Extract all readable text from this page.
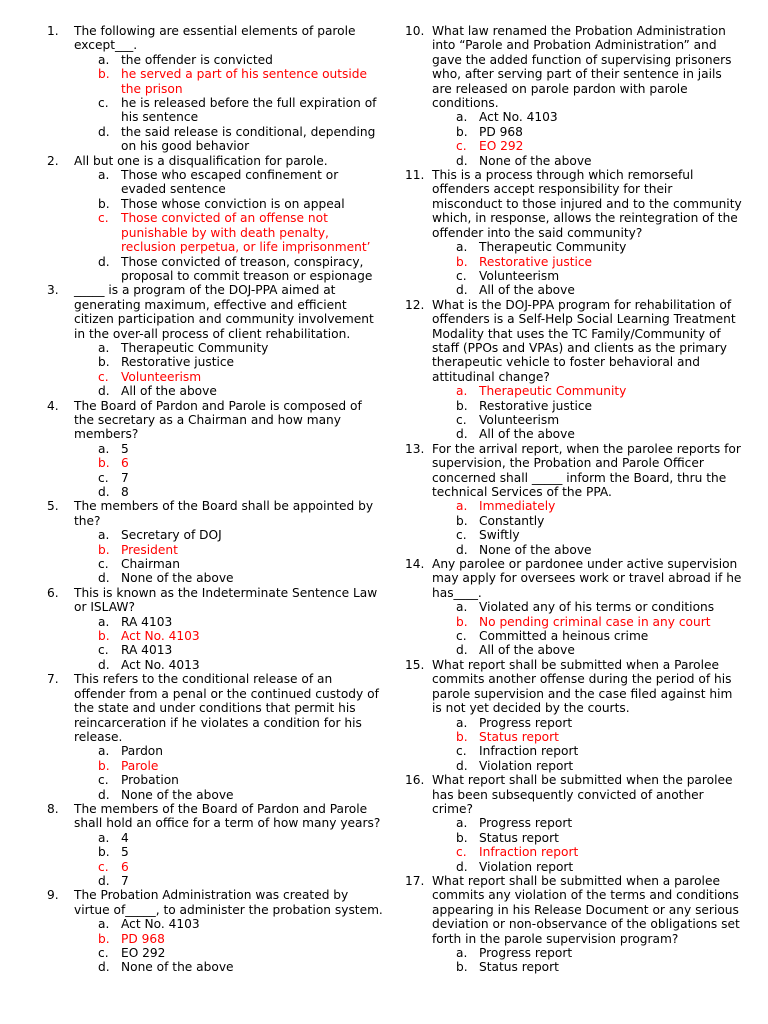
1.	The following are essential elements of parole except___.
a. the offender is convicted
b. he served a part of his sentence outside the prison
c.	he is released before the full expiration of his sentence
d. the said release is conditional, depending on his good behavior
2.	All but one is a disqualification for parole.
a. Those who escaped confinement or evaded sentence
b. Those whose conviction is on appeal
c.	Those convicted of an offense not punishable by with death penalty, reclusion perpetua, or life imprisonment’
d. Those convicted of treason, conspiracy, proposal to commit treason or espionage
3.	_____ is a program of the DOJ-PPA aimed at generating maximum, effective and efficient citizen participation and community involvement in the over-all process of client rehabilitation.
a. Therapeutic Community
b. Restorative justice
c.	Volunteerism
d. All of the above
4.	The Board of Pardon and Parole is composed of the secretary as a Chairman and how many members?
a. 5
b. 6
c.	7
d. 8
5.	The members of the Board shall be appointed by the?
a. Secretary of DOJ
b. President
c.	Chairman
d. None of the above
6.	This is known as the Indeterminate Sentence Law or ISLAW?
a. RA 4103
b. Act No. 4103
c.	RA 4013
d. Act No. 4013
7.	This refers to the conditional release of an offender from a penal or the continued custody of the state and under conditions that permit his reincarceration if he violates a condition for his release.
a. Pardon
b. Parole
c.	Probation
d. None of the above
8.	The members of the Board of Pardon and Parole shall hold an office for a term of how many years?
a. 4
b. 5
c.	6
d. 7
9.	The Probation Administration was created by virtue of_____, to administer the probation system.
a. Act No. 4103
b. PD 968
c.	EO 292
d. None of the above
10. What law renamed the Probation Administration into “Parole and Probation Administration” and gave the added function of supervising prisoners who, after serving part of their sentence in jails are released on parole pardon with parole conditions.
a. Act No. 4103
b. PD 968
c.	EO 292
d. None of the above
11. This is a process through which remorseful offenders accept responsibility for their misconduct to those injured and to the community which, in response, allows the reintegration of the offender into the said community?
a. Therapeutic Community
b. Restorative justice
c.	Volunteerism
d. All of the above
12. What is the DOJ-PPA program for rehabilitation of offenders is a Self-Help Social Learning Treatment Modality that uses the TC Family/Community of staff (PPOs and VPAs) and clients as the primary therapeutic vehicle to foster behavioral and attitudinal change?
a. Therapeutic Community
b. Restorative justice
c.	Volunteerism
d. All of the above
13. For the arrival report, when the parolee reports for supervision, the Probation and Parole Officer concerned shall _____ inform the Board, thru the technical Services of the PPA.
a. Immediately
b. Constantly
c.	Swiftly
d. None of the above
14. Any parolee or pardonee under active supervision may apply for oversees work or travel abroad if he has____.
a. Violated any of his terms or conditions
b. No pending criminal case in any court
c.	Committed a heinous crime
d. All of the above
15. What report shall be submitted when a Parolee commits another offense during the period of his parole supervision and the case filed against him is not yet decided by the courts.
a. Progress report
b. Status report
c.	Infraction report
d. Violation report
16. What report shall be submitted when the parolee has been subsequently convicted of another crime?
a. Progress report
b. Status report
c.	Infraction report
d. Violation report
17. What report shall be submitted when a parolee commits any violation of the terms and conditions appearing in his Release Document or any serious deviation or non-observance of the obligations set forth in the parole supervision program?
a. Progress report
b. Status report
